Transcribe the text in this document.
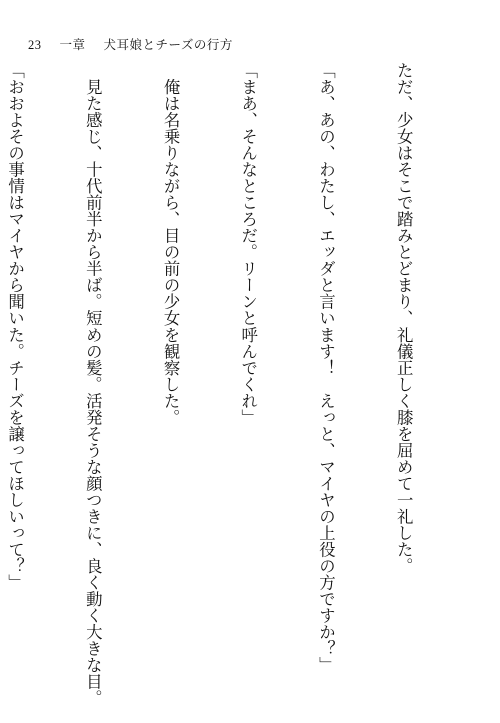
23 一章 犬耳娘とチーズの行方

ただ、少女はそこで踏みとどまり、礼儀正しく膝を屈めて一礼した。

「あ、あの、わたし、エッダと言います！　えっと、マイヤの上役の方ですか？」

「まあ、そんなところだ。リーンと呼んでくれ」

　俺は名乗りながら、目の前の少女を観察した。

　見た感じ、十代前半から半ば。短めの髪。活発そうな顔つきに、良く動く大きな目。

「おおよその事情はマイヤから聞いた。チーズを譲ってほしいって？」
